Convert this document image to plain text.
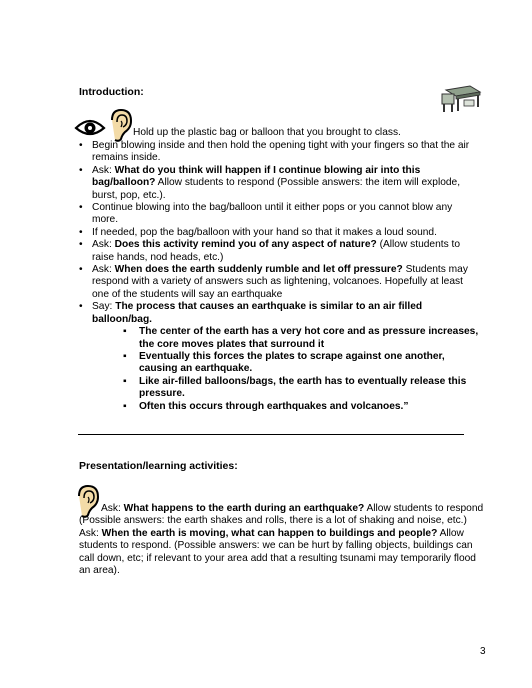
Introduction:
Hold up the plastic bag or balloon that you brought to class.
• Begin blowing inside and then hold the opening tight with your fingers so that the air remains inside.
• Ask: What do you think will happen if I continue blowing air into this bag/balloon? Allow students to respond (Possible answers: the item will explode, burst, pop, etc.).
• Continue blowing into the bag/balloon until it either pops or you cannot blow any more.
• If needed, pop the bag/balloon with your hand so that it makes a loud sound.
• Ask: Does this activity remind you of any aspect of nature? (Allow students to raise hands, nod heads, etc.)
• Ask: When does the earth suddenly rumble and let off pressure? Students may respond with a variety of answers such as lightening, volcanoes. Hopefully at least one of the students will say an earthquake
• Say: The process that causes an earthquake is similar to an air filled balloon/bag.
▪ The center of the earth has a very hot core and as pressure increases, the core moves plates that surround it
▪ Eventually this forces the plates to scrape against one another, causing an earthquake.
▪ Like air-filled balloons/bags, the earth has to eventually release this pressure.
▪ Often this occurs through earthquakes and volcanoes.”
Presentation/learning activities:
Ask: What happens to the earth during an earthquake? Allow students to respond (Possible answers: the earth shakes and rolls, there is a lot of shaking and noise, etc.)
Ask: When the earth is moving, what can happen to buildings and people? Allow students to respond. (Possible answers: we can be hurt by falling objects, buildings can call down, etc; if relevant to your area add that a resulting tsunami may temporarily flood an area).
3
